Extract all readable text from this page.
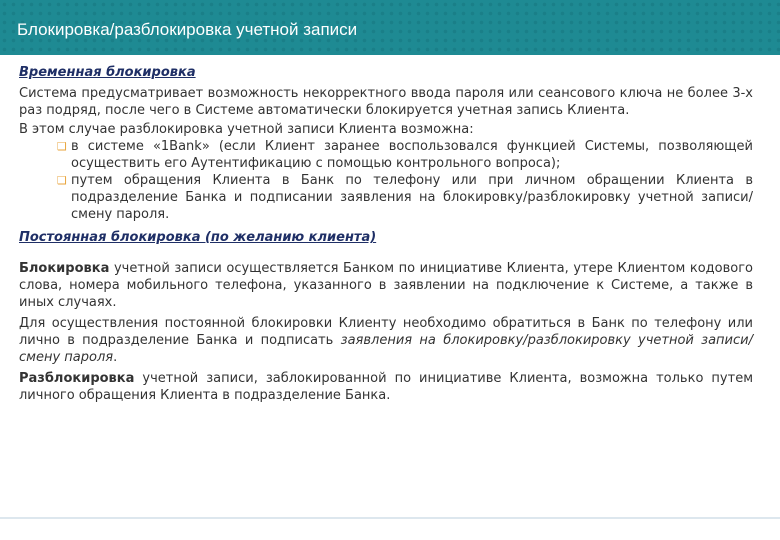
Блокировка/разблокировка учетной записи
Временная блокировка

Система предусматривает возможность некорректного ввода пароля или сеансового ключа не более 3-х раз подряд, после чего в Системе автоматически блокируется учетная запись Клиента.

В этом случае разблокировка учетной записи Клиента возможна:

❑ в системе «1Bank» (если Клиент заранее воспользовался функцией Системы, позволяющей осуществить его Аутентификацию с помощью контрольного вопроса);
❑ путем обращения Клиента в Банк по телефону или при личном обращении Клиента в подразделение Банка и подписании заявления на блокировку/разблокировку учетной записи/смену пароля.
Постоянная блокировка (по желанию клиента)

Блокировка учетной записи осуществляется Банком по инициативе Клиента, утере Клиентом кодового слова, номера мобильного телефона, указанного в заявлении на подключение к Системе, а также в иных случаях.

Для осуществления постоянной блокировки Клиенту необходимо обратиться в Банк по телефону или лично в подразделение Банка и подписать заявления на блокировку/разблокировку учетной записи/смену пароля.

Разблокировка учетной записи, заблокированной по инициативе Клиента, возможна только путем личного обращения Клиента в подразделение Банка.
